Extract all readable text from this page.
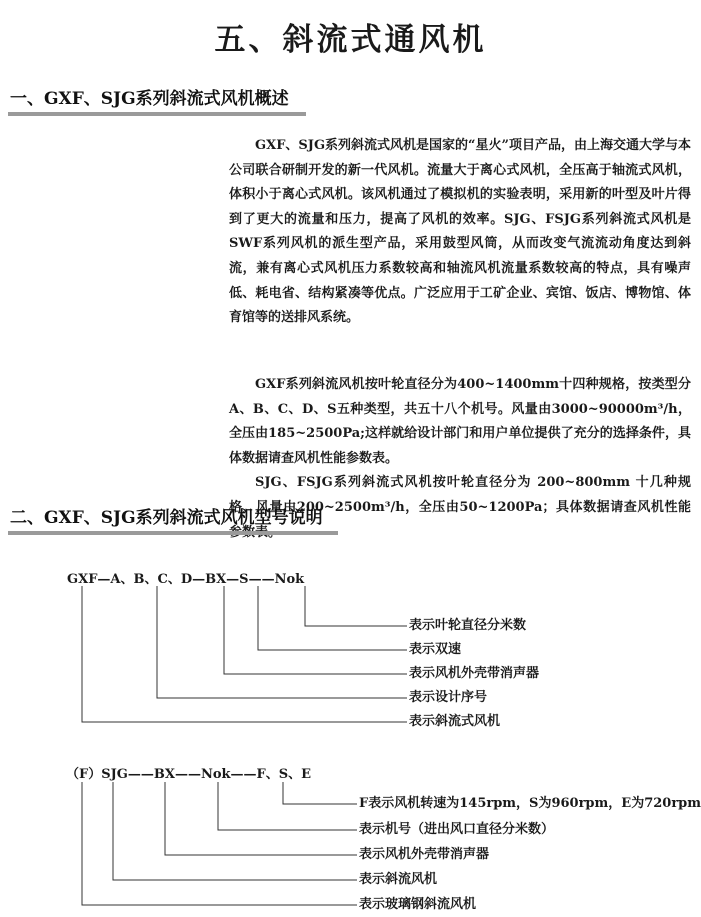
五、斜流式通风机
一、GXF、SJG系列斜流式风机概述

GXF、SJG系列斜流式风机是国家的“星火”项目产品，由上海交通大学与本公司联合研制开发的新一代风机。流量大于离心式风机，全压高于轴流式风机，体积小于离心式风机。该风机通过了模拟机的实验表明，采用新的叶型及叶片得到了更大的流量和压力，提高了风机的效率。SJG、FSJG系列斜流式风机是SWF系列风机的派生型产品，采用鼓型风筒，从而改变气流流动角度达到斜流，兼有离心式风机压力系数较高和轴流风机流量系数较高的特点，具有噪声低、耗电省、结构紧凑等优点。广泛应用于工矿企业、宾馆、饭店、博物馆、体育馆等的送排风系统。

GXF系列斜流风机按叶轮直径分为400~1400mm十四种规格，按类型分A、B、C、D、S五种类型，共五十八个机号。风量由3000~90000m³/h，全压由185~2500Pa;这样就给设计部门和用户单位提供了充分的选择条件，具体数据请查风机性能参数表。

SJG、FSJG系列斜流式风机按叶轮直径分为 200~800mm 十几种规格、风量由200~2500m³/h，全压由50~1200Pa；具体数据请查风机性能参数表。

二、GXF、SJG系列斜流式风机型号说明
GXF—A、B、C、D—BX—S——Nok
表示叶轮直径分米数
表示双速
表示风机外壳带消声器
表示设计序号
表示斜流式风机
（F）SJG——BX——Nok——F、S、E
F表示风机转速为145rpm，S为960rpm，E为720rpm
表示机号（进出风口直径分米数）
表示风机外壳带消声器
表示斜流风机
表示玻璃钢斜流风机
